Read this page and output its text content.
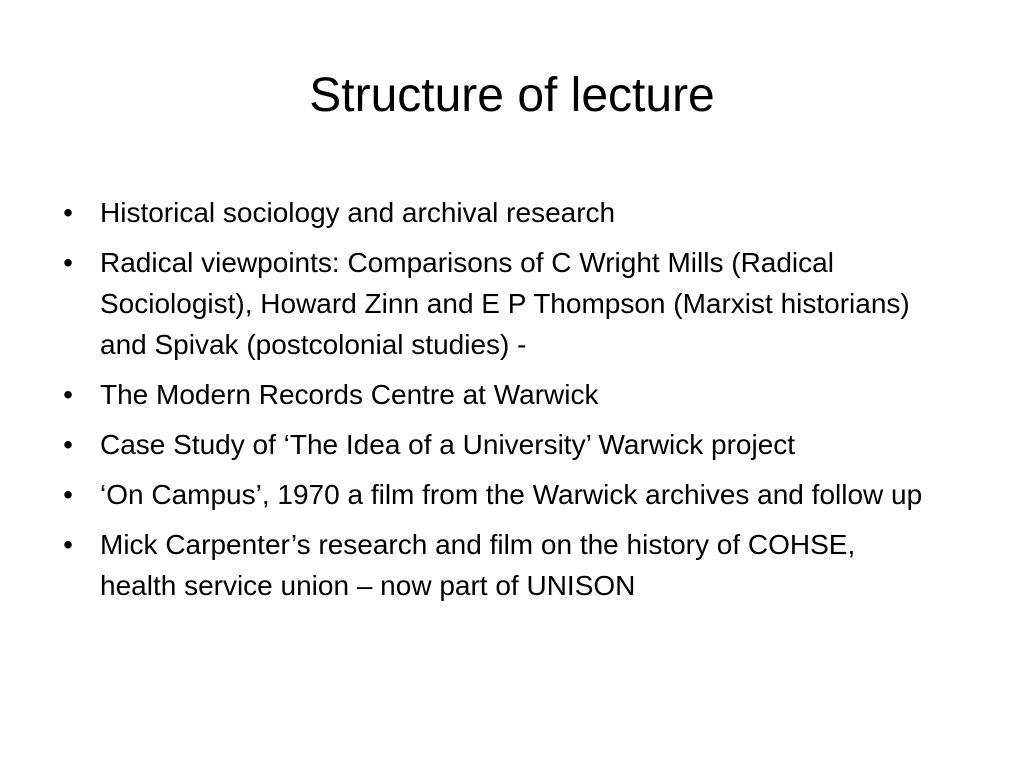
Structure of lecture
• Historical sociology and archival research
• Radical viewpoints: Comparisons of C Wright Mills (Radical Sociologist), Howard Zinn and E P Thompson (Marxist historians) and Spivak (postcolonial studies) -
• The Modern Records Centre at Warwick
• Case Study of ‘The Idea of a University’ Warwick project
• ‘On Campus’, 1970 a film from the Warwick archives and follow up
• Mick Carpenter’s research and film on the history of COHSE, health service union – now part of UNISON
